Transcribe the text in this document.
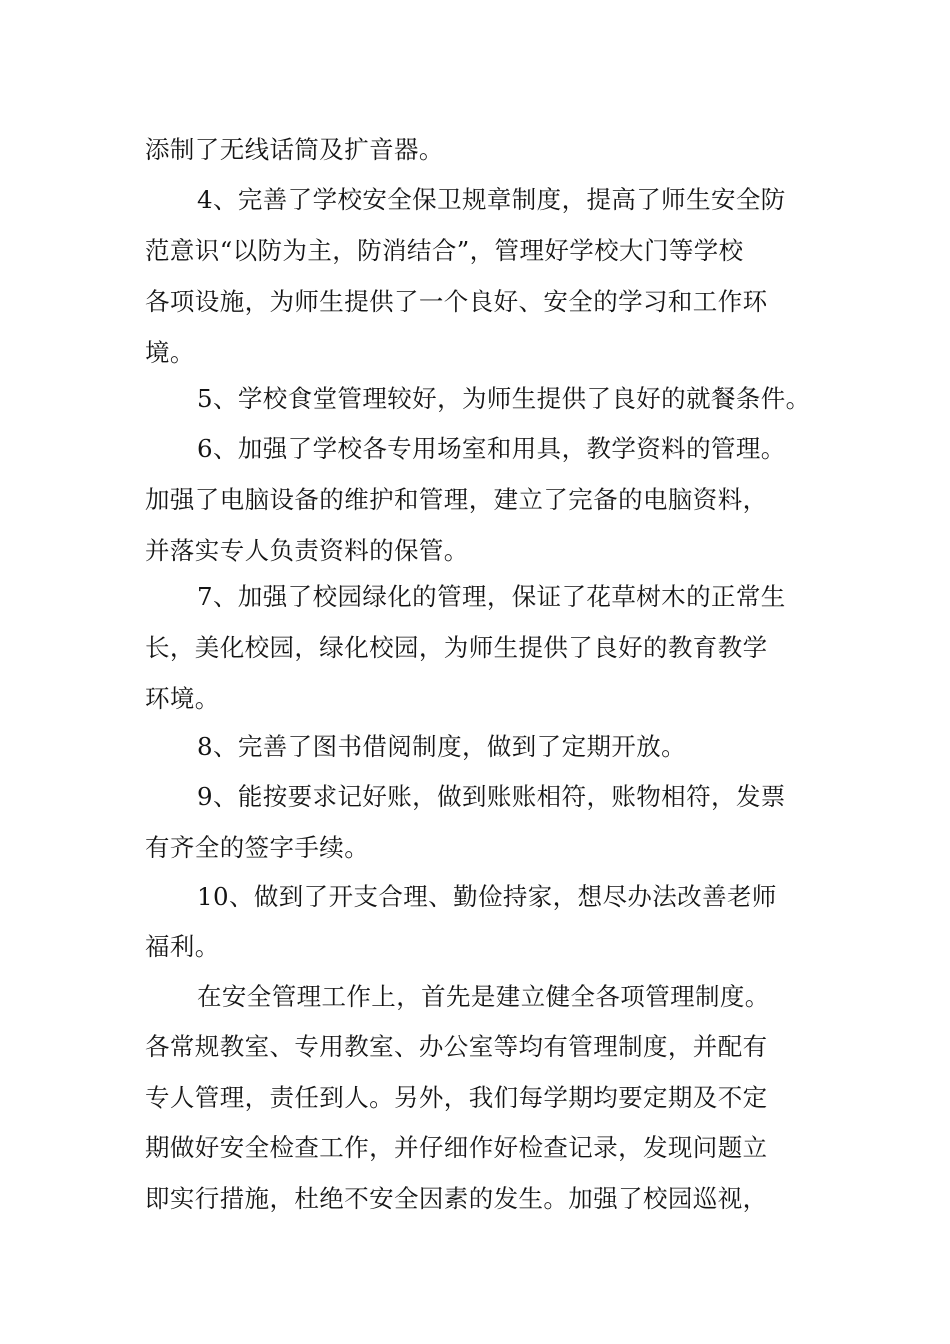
添制了无线话筒及扩音器。
4、完善了学校安全保卫规章制度，提高了师生安全防
范意识“以防为主，防消结合”，管理好学校大门等学校
各项设施，为师生提供了一个良好、安全的学习和工作环
境。
5、学校食堂管理较好，为师生提供了良好的就餐条件。
6、加强了学校各专用场室和用具，教学资料的管理。
加强了电脑设备的维护和管理，建立了完备的电脑资料，
并落实专人负责资料的保管。
7、加强了校园绿化的管理，保证了花草树木的正常生
长，美化校园，绿化校园，为师生提供了良好的教育教学
环境。
8、完善了图书借阅制度，做到了定期开放。
9、能按要求记好账，做到账账相符，账物相符，发票
有齐全的签字手续。
10、做到了开支合理、勤俭持家，想尽办法改善老师
福利。
在安全管理工作上，首先是建立健全各项管理制度。
各常规教室、专用教室、办公室等均有管理制度，并配有
专人管理，责任到人。另外，我们每学期均要定期及不定
期做好安全检查工作，并仔细作好检查记录，发现问题立
即实行措施，杜绝不安全因素的发生。加强了校园巡视，
